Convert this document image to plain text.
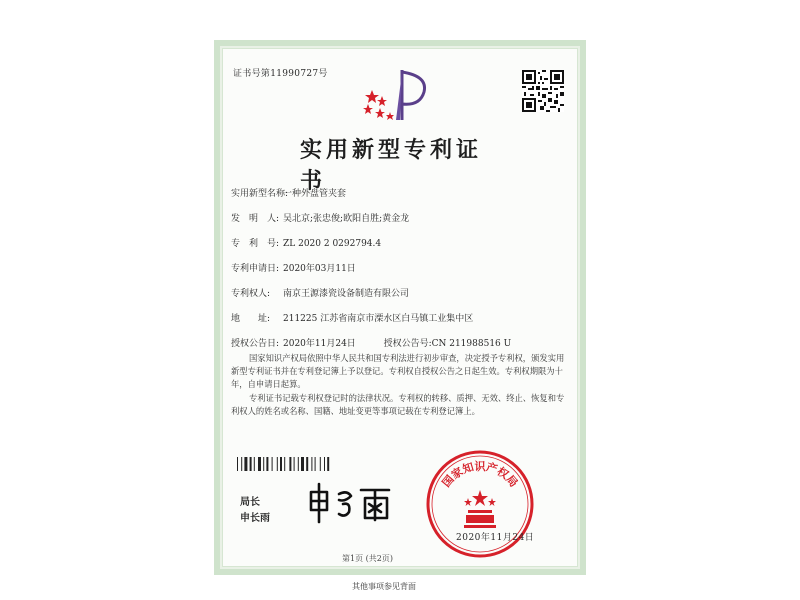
证书号第11990727号
实用新型专利证书
实用新型名称:一种外盘管夹套
发　明　人: 吴北京;张忠俊;欧阳自胜;黄金龙
专　利　号: ZL 2020 2 0292794.4
专利申请日: 2020年03月11日
专利权人: 南京王源漆瓷设备制造有限公司
地　　址: 211225 江苏省南京市溧水区白马镇工业集中区
授权公告日: 2020年11月24日	授权公告号:CN 211988516 U
国家知识产权局依照中华人民共和国专利法进行初步审查，决定授予专利权，颁发实用新型专利证书并在专利登记簿上予以登记。专利权自授权公告之日起生效。专利权期限为十年，自申请日起算。
专利证书记载专利权登记时的法律状况。专利权的转移、质押、无效、终止、恢复和专利权人的姓名或名称、国籍、地址变更等事项记载在专利登记簿上。
局长
申长雨
国家知识产权局
2020年11月24日
第1页 (共2页)
其他事项参见背面
